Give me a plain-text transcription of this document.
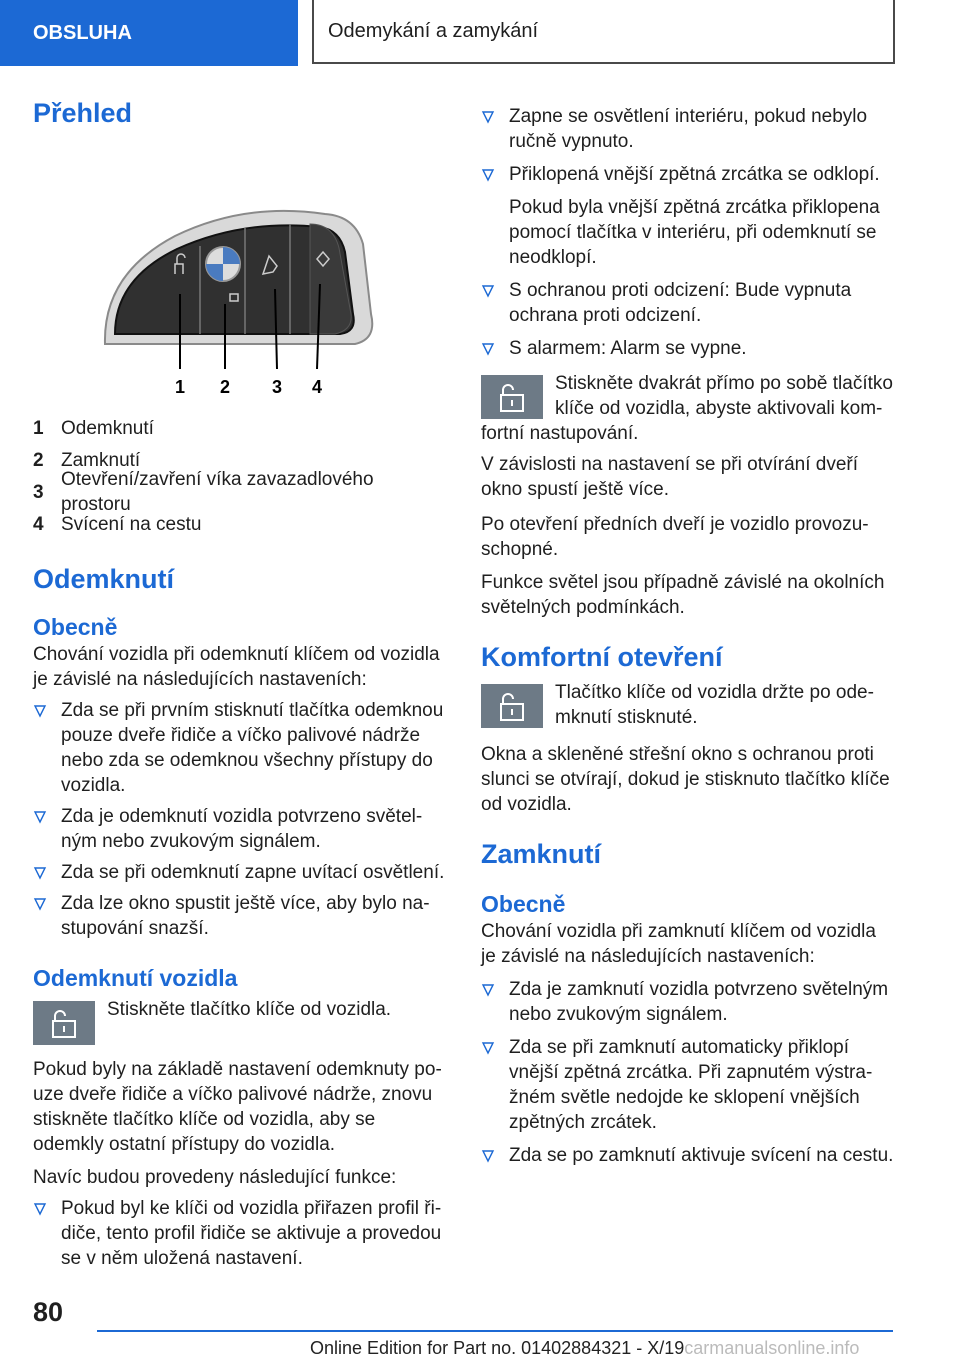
OBSLUHA	Odemykání a zamykání
Přehled
1 2 3 4
1 Odemknutí
2 Zamknutí
3
Otevření/zavření víka zavazadlového prostoru
4 Svícení na cestu
Odemknutí
Obecně

Chování vozidla při odemknutí klíčem od vozidla je závislé na následujících nastaveních:

Zda se při prvním stisknutí tlačítka odemknou pouze dveře řidiče a víčko palivové nádrže nebo zda se odemknou všechny přístupy do vozidla.
Zda je odemknutí vozidla potvrzeno světelným nebo zvukovým signálem.
Zda se při odemknutí zapne uvítací osvětlení.
Zda lze okno spustit ještě více, aby bylo nastupování snazší.
Odemknutí vozidla

Stiskněte tlačítko klíče od vozidla.

Pokud byly na základě nastavení odemknuty pouze dveře řidiče a víčko palivové nádrže, znovu stiskněte tlačítko klíče od vozidla, aby se odemkly ostatní přístupy do vozidla.

Navíc budou provedeny následující funkce:

Pokud byl ke klíči od vozidla přiřazen profil řidiče, tento profil řidiče se aktivuje a provedou se v něm uložená nastavení.
Zapne se osvětlení interiéru, pokud nebylo ručně vypnuto.
Přiklopená vnější zpětná zrcátka se odklopí.

Pokud byla vnější zpětná zrcátka přiklopena pomocí tlačítka v interiéru, při odemknutí se neodklopí.

S ochranou proti odcizení: Bude vypnuta ochrana proti odcizení.
S alarmem: Alarm se vypne.

Stiskněte dvakrát přímo po sobě tlačítko klíče od vozidla, abyste aktivovali komfortní nastupování.

V závislosti na nastavení se při otvírání dveří okno spustí ještě více.

Po otevření předních dveří je vozidlo provozuschopné.

Funkce světel jsou případně závislé na okolních světelných podmínkách.

Komfortní otevření

Tlačítko klíče od vozidla držte po odemknutí stisknuté.

Okna a skleněné střešní okno s ochranou proti slunci se otvírají, dokud je stisknuto tlačítko klíče od vozidla.

Zamknutí
Obecně

Chování vozidla při zamknutí klíčem od vozidla je závislé na následujících nastaveních:

Zda je zamknutí vozidla potvrzeno světelným nebo zvukovým signálem.
Zda se při zamknutí automaticky přiklopí vnější zpětná zrcátka. Při zapnutém výstražném světle nedojde ke sklopení vnějších zpětných zrcátek.
Zda se po zamknutí aktivuje svícení na cestu.
80
Online Edition for Part no. 01402884321 - X/19carmanualsonline.info
